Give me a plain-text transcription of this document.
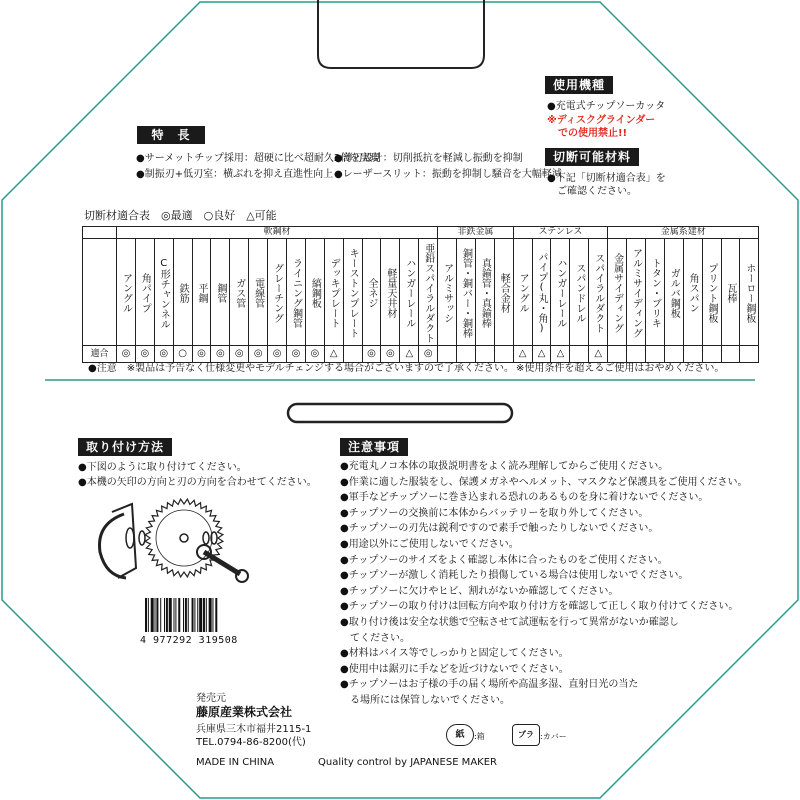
使用機種
●充電式チップソーカッタ
※ディスクグラインダー
での使用禁止!!
切断可能材料
●下記「切断材適合表」を
ご確認ください。
特　長
●サーメットチップ採用：超硬に比べ超耐久2倍を実現
●制振刃+低刃室：横ぶれを抑え直進性向上
●薄刃設計：切削抵抗を軽減し振動を抑制
●レーザースリット：振動を抑制し騒音を大幅軽減
切断材適合表　◎最適　○良好　△可能
	軟鋼材																	非鉄金属				ステンレス					金属系建材							

	アングル	角パイプ	C形チャンネル	鉄筋	平鋼	鋼管	ガス管	電線管	グレーチング	ライニング鋼管	縞鋼板	デッキプレート	キーストンプレート	全ネジ	軽量天井材	ハンガーレール	亜鉛スパイラルダクト	アルミサッシ	銅管・銅バー・銅棒	真鍮管・真鍮棒	軽合金材	アングル	パイプ(丸・角)	ハンガーレール	スパンドレル	スパイラルダクト	金属サイディング	アルミサイディング	トタン・ブリキ	ガルバ鋼板	角スパン	プリント鋼板	瓦棒	ホーロー鋼板

適合	◎	◎	◎	○	◎	◎	◎	◎	◎	◎	◎	△		◎	◎	△	◎					△	△	△		△								
●注意　※製品は予告なく仕様変更やモデルチェンジする場合がございますので了承ください。 ※使用条件を超えるご使用はおやめください。
取り付け方法
●下図のように取り付けてください。
●本機の矢印の方向と刃の方向を合わせてください。
4 977292 319508
注意事項
●充電丸ノコ本体の取扱説明書をよく読み理解してからご使用ください。
●作業に適した服装をし、保護メガネやヘルメット、マスクなど保護具をご使用ください。
●軍手などチップソーに巻き込まれる恐れのあるものを身に着けないでください。
●チップソーの交換前に本体からバッテリーを取り外してください。
●チップソーの刃先は鋭利ですので素手で触ったりしないでください。
●用途以外にご使用しないでください。
●チップソーのサイズをよく確認し本体に合ったものをご使用ください。
●チップソーが激しく消耗したり損傷している場合は使用しないでください。
●チップソーに欠けやヒビ、割れがないか確認してください。
●チップソーの取り付けは回転方向や取り付け方を確認して正しく取り付けてください。
●取り付け後は安全な状態で空転させて試運転を行って異常がないか確認し
　てください。
●材料はバイス等でしっかりと固定してください。
●使用中は鋸刃に手などを近づけないでください。
●チップソーはお子様の手の届く場所や高温多湿、直射日光の当た
　る場所には保管しないでください。
発売元
藤原産業株式会社
兵庫県三木市福井2115-1
TEL.0794-86-8200(代)
紙	:箱	プラ :カバー
MADE IN CHINA	Quality control by JAPANESE MAKER
